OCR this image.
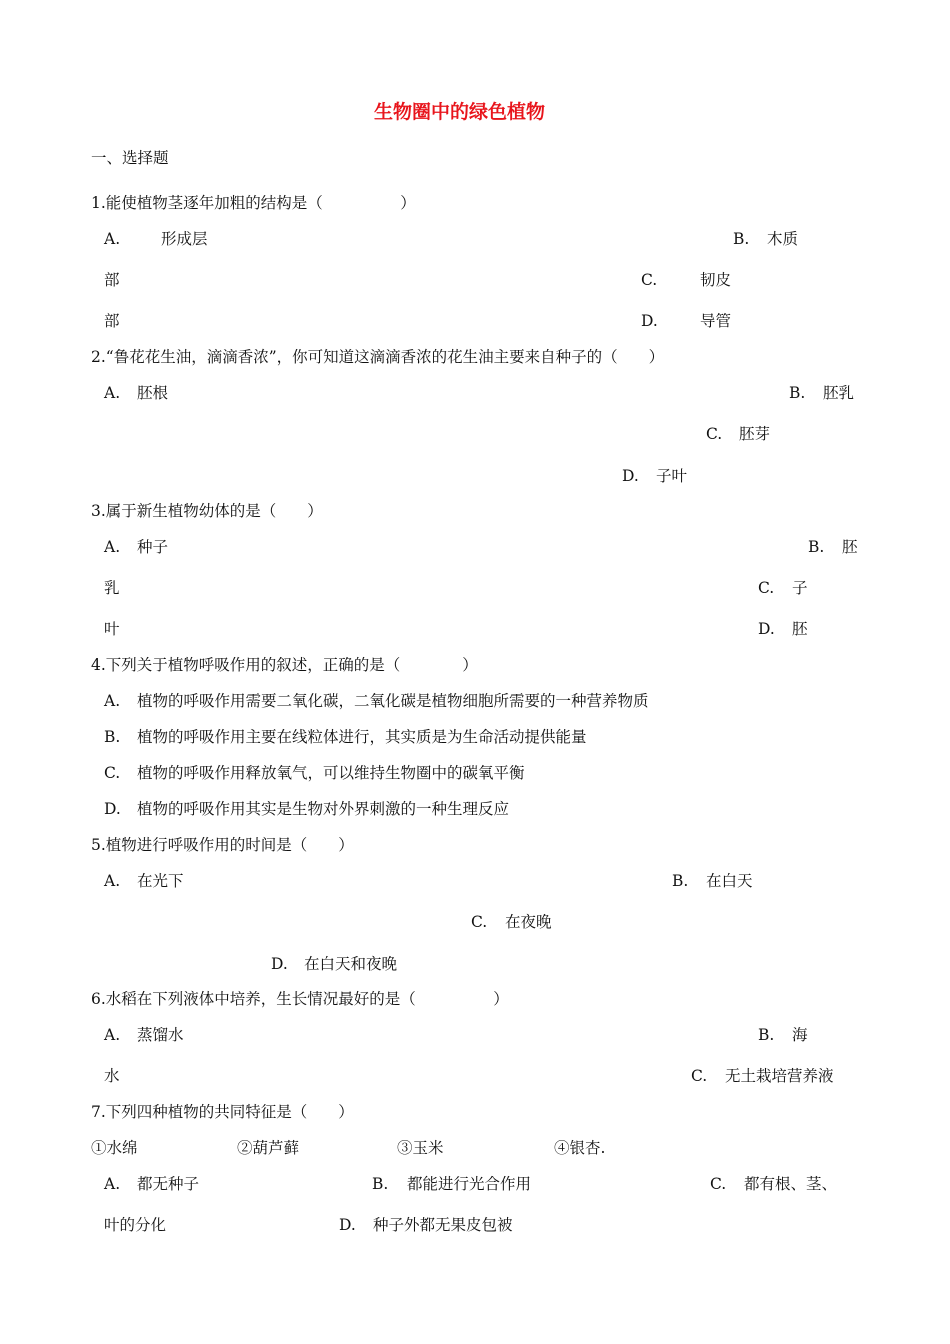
生物圈中的绿色植物
一、选择题
1.能使植物茎逐年加粗的结构是（　　　　　）
A.	形成层	B. 木质
部	C.	韧皮
部	D.	导管
2.“鲁花花生油，滴滴香浓”，你可知道这滴滴香浓的花生油主要来自种子的（　　）
A. 胚根	B. 胚乳
C. 胚芽
D. 子叶
3.属于新生植物幼体的是（　　）
A. 种子	B. 胚
乳	C. 子
叶	D. 胚
4.下列关于植物呼吸作用的叙述，正确的是（　　　　）
A. 植物的呼吸作用需要二氧化碳，二氧化碳是植物细胞所需要的一种营养物质
B. 植物的呼吸作用主要在线粒体进行，其实质是为生命活动提供能量
C. 植物的呼吸作用释放氧气，可以维持生物圈中的碳氧平衡
D. 植物的呼吸作用其实是生物对外界刺激的一种生理反应
5.植物进行呼吸作用的时间是（　　）
A. 在光下	B. 在白天
C. 在夜晚
D. 在白天和夜晚
6.水稻在下列液体中培养，生长情况最好的是（　　　　　）
A. 蒸馏水	B. 海
水	C. 无土栽培营养液
7.下列四种植物的共同特征是（　　）
①水绵	②葫芦藓	③玉米	④银杏.
A. 都无种子	B. 都能进行光合作用	C. 都有根、茎、
叶的分化	D. 种子外都无果皮包被
